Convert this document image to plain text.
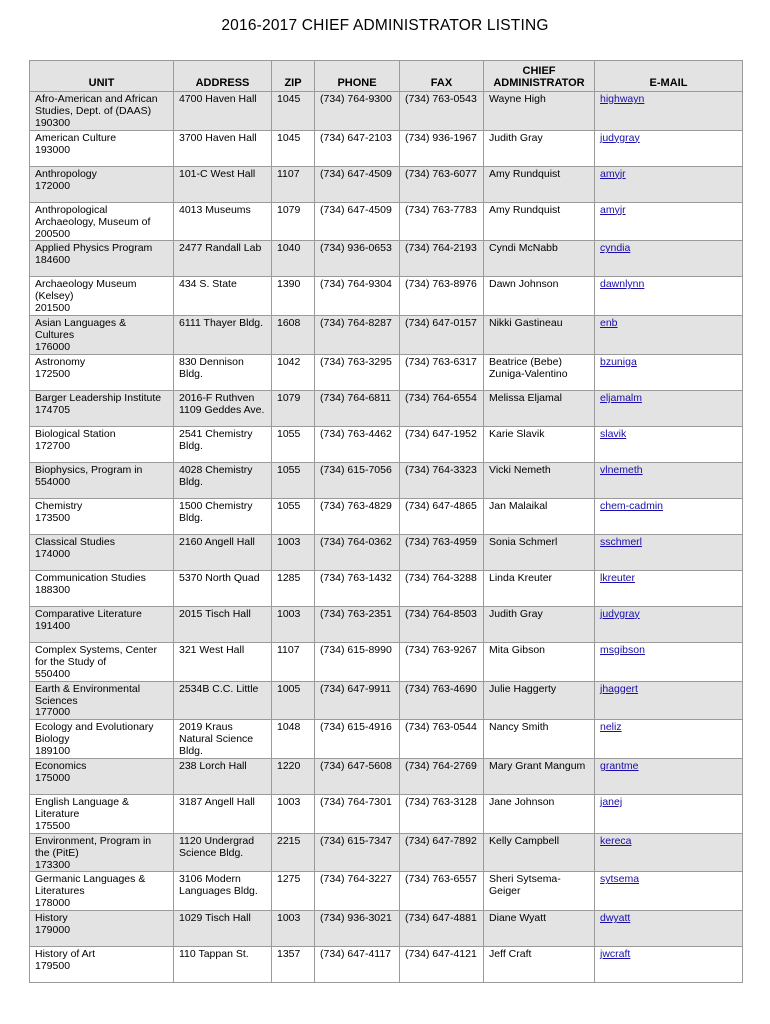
2016-2017 CHIEF ADMINISTRATOR LISTING
UNIT	ADDRESS	ZIP	PHONE	FAX	CHIEF ADMINISTRATOR	E-MAIL

Afro-American and African Studies, Dept. of (DAAS)
190300	4700 Haven Hall	1045	(734) 764-9300	(734) 763-0543	Wayne High	highwayn

American Culture
193000	3700 Haven Hall	1045	(734) 647-2103	(734) 936-1967	Judith Gray	judygray

Anthropology
172000	101-C West Hall	1107	(734) 647-4509	(734) 763-6077	Amy Rundquist	amyjr

Anthropological Archaeology, Museum of
200500	4013 Museums	1079	(734) 647-4509	(734) 763-7783	Amy Rundquist	amyjr

Applied Physics Program
184600	2477 Randall Lab	1040	(734) 936-0653	(734) 764-2193	Cyndi McNabb	cyndia

Archaeology Museum (Kelsey)
201500	434 S. State	1390	(734) 764-9304	(734) 763-8976	Dawn Johnson	dawnlynn

Asian Languages & Cultures
176000	6111 Thayer Bldg.	1608	(734) 764-8287	(734) 647-0157	Nikki Gastineau	enb

Astronomy
172500	830 Dennison Bldg.	1042	(734) 763-3295	(734) 763-6317	Beatrice (Bebe) Zuniga-Valentino	bzuniga

Barger Leadership Institute
174705	2016-F Ruthven 1109 Geddes Ave.	1079	(734) 764-6811	(734) 764-6554	Melissa Eljamal	eljamalm

Biological Station
172700	2541 Chemistry Bldg.	1055	(734) 763-4462	(734) 647-1952	Karie Slavik	slavik

Biophysics, Program in
554000	4028 Chemistry Bldg.	1055	(734) 615-7056	(734) 764-3323	Vicki Nemeth	vlnemeth

Chemistry
173500	1500 Chemistry Bldg.	1055	(734) 763-4829	(734) 647-4865	Jan Malaikal	chem-cadmin

Classical Studies
174000	2160 Angell Hall	1003	(734) 764-0362	(734) 763-4959	Sonia Schmerl	sschmerl

Communication Studies
188300	5370 North Quad	1285	(734) 763-1432	(734) 764-3288	Linda Kreuter	lkreuter

Comparative Literature
191400	2015 Tisch Hall	1003	(734) 763-2351	(734) 764-8503	Judith Gray	judygray

Complex Systems, Center for the Study of
550400	321 West Hall	1107	(734) 615-8990	(734) 763-9267	Mita Gibson	msgibson

Earth & Environmental Sciences
177000	2534B C.C. Little	1005	(734) 647-9911	(734) 763-4690	Julie Haggerty	jhaggert

Ecology and Evolutionary Biology
189100	2019 Kraus Natural Science Bldg.	1048	(734) 615-4916	(734) 763-0544	Nancy Smith	neliz

Economics
175000	238 Lorch Hall	1220	(734) 647-5608	(734) 764-2769	Mary Grant Mangum	grantme

English Language & Literature
175500	3187 Angell Hall	1003	(734) 764-7301	(734) 763-3128	Jane Johnson	janej

Environment, Program in the (PitE)
173300	1120 Undergrad Science Bldg.	2215	(734) 615-7347	(734) 647-7892	Kelly Campbell	kereca

Germanic Languages & Literatures
178000	3106 Modern Languages Bldg.	1275	(734) 764-3227	(734) 763-6557	Sheri Sytsema-Geiger	sytsema

History
179000	1029 Tisch Hall	1003	(734) 936-3021	(734) 647-4881	Diane Wyatt	dwyatt

History of Art
179500	110 Tappan St.	1357	(734) 647-4117	(734) 647-4121	Jeff Craft	jwcraft
